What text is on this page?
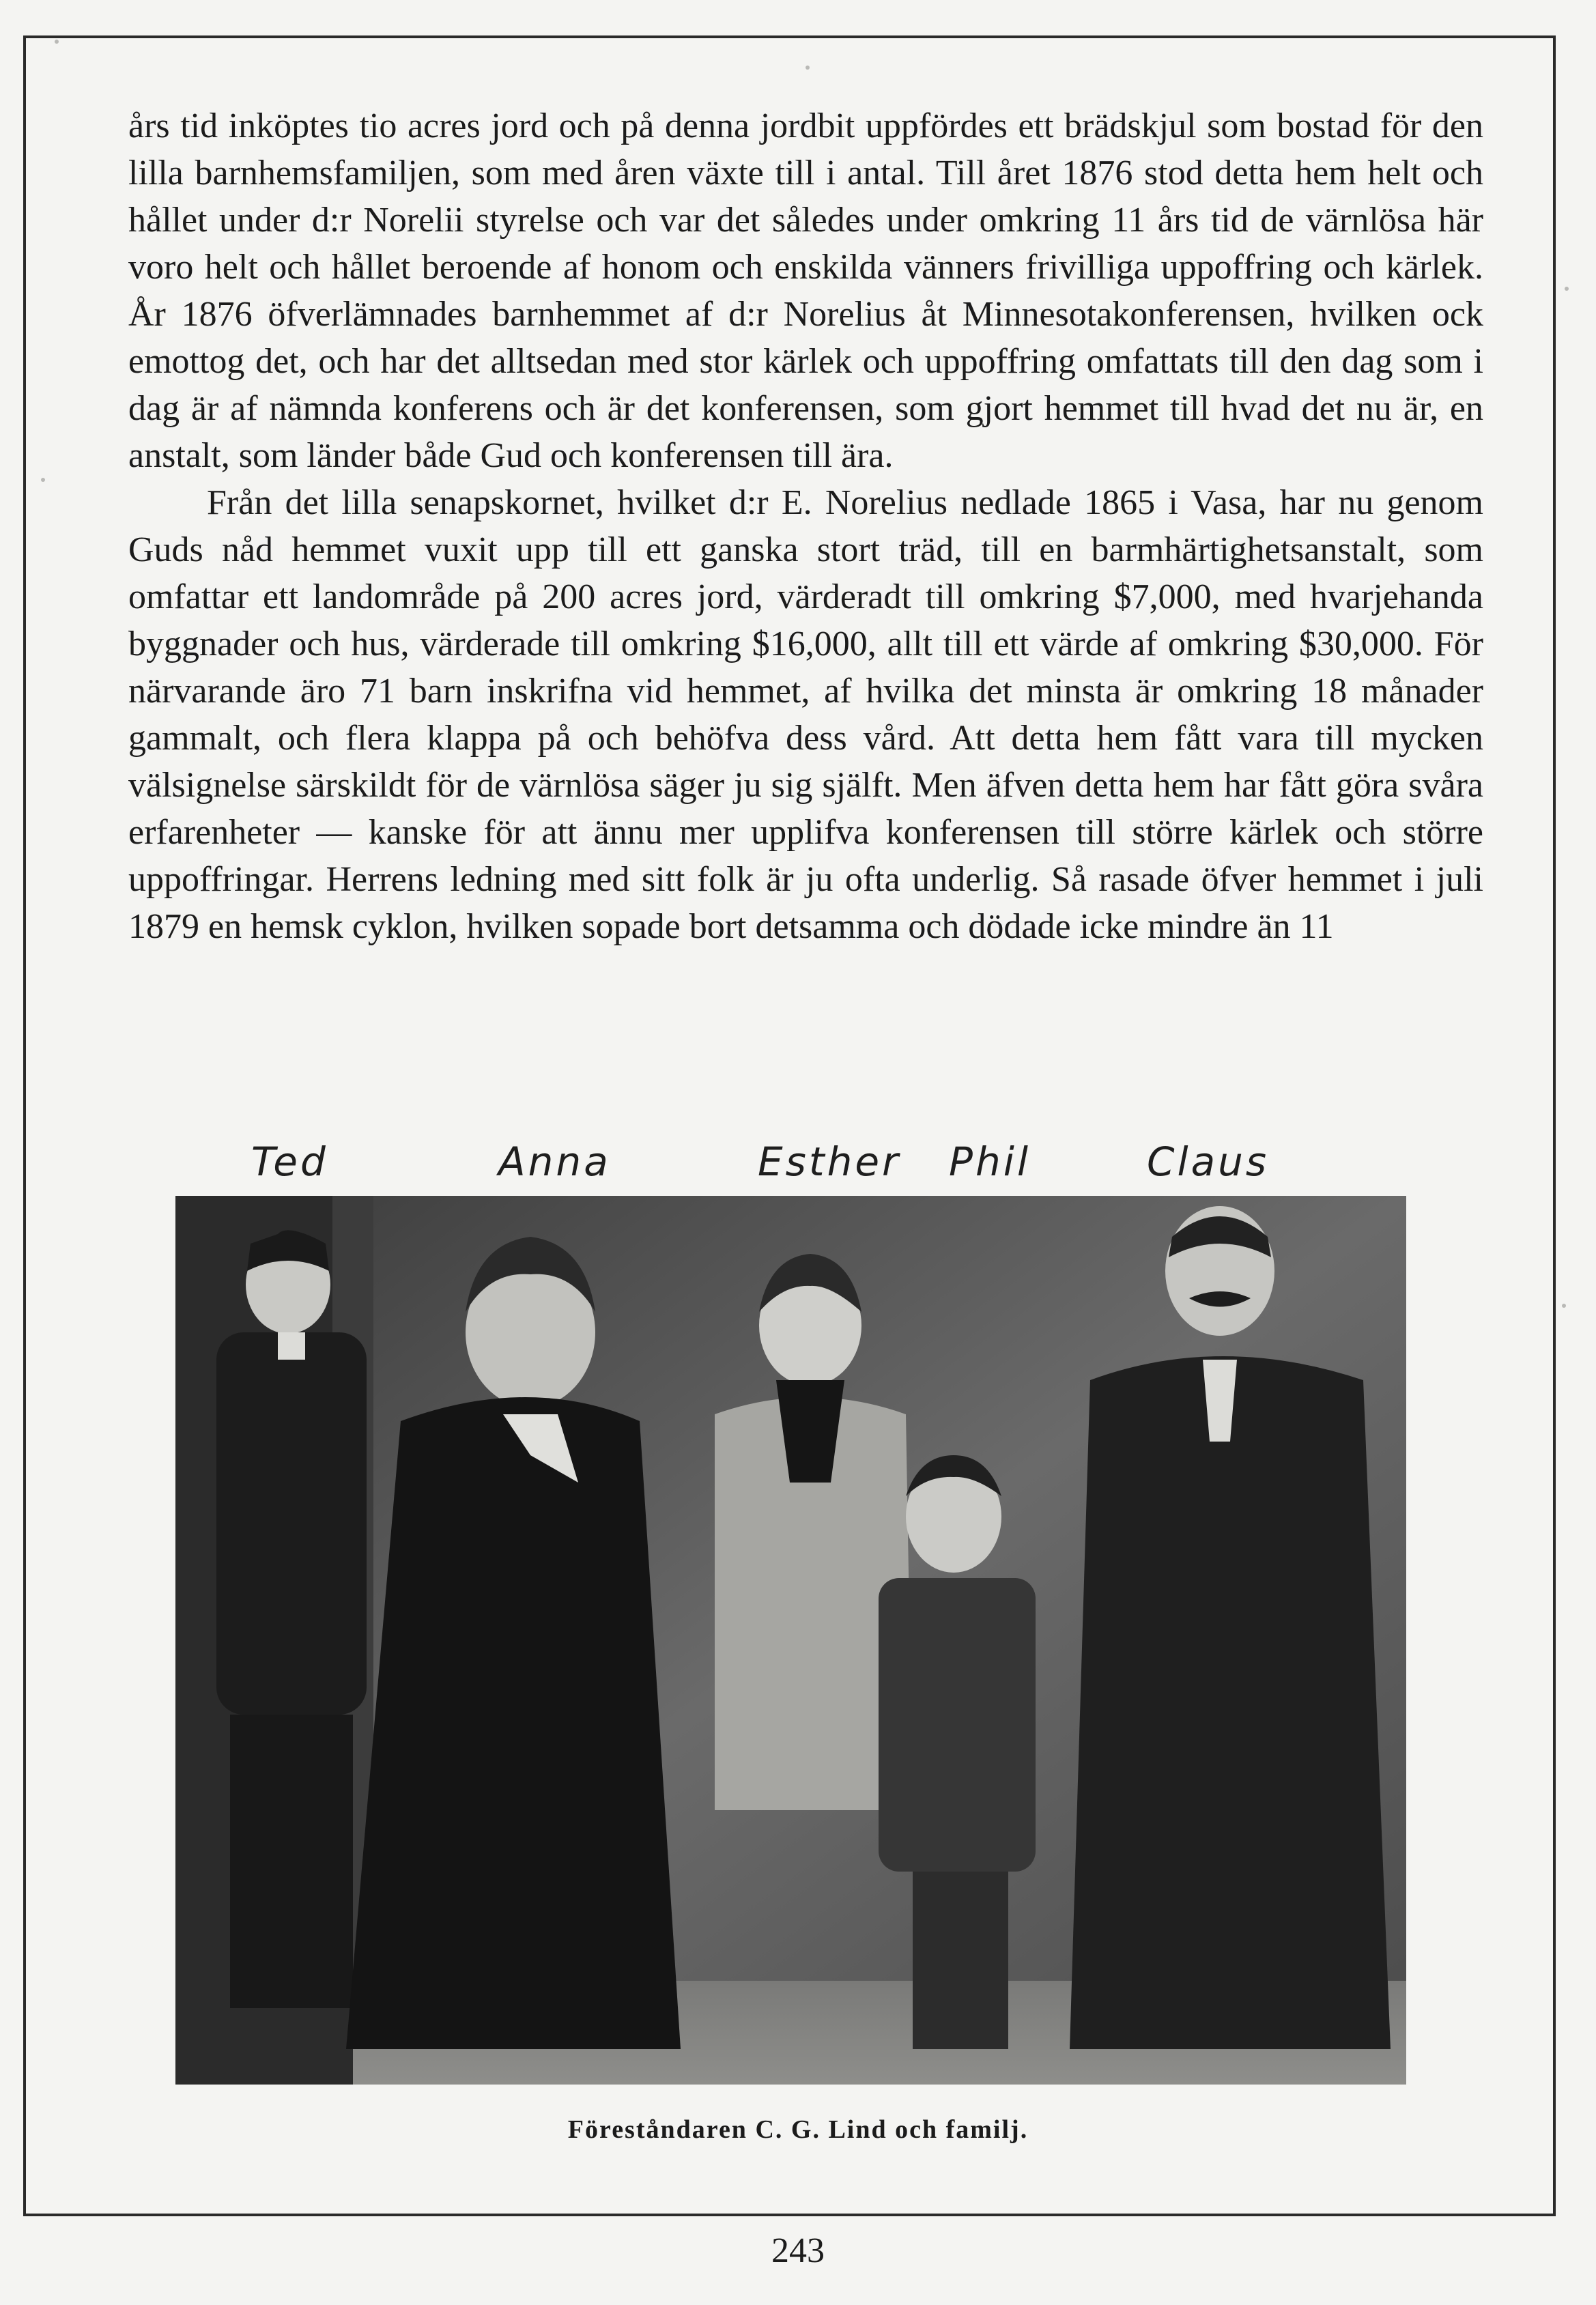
års tid inköptes tio acres jord och på denna jordbit uppfördes ett brädskjul som bostad för den lilla barnhemsfamiljen, som med åren växte till i antal. Till året 1876 stod detta hem helt och hållet under d:r Norelii styrelse och var det således under omkring 11 års tid de värnlösa här voro helt och hållet beroende af honom och enskilda vänners frivilliga uppoffring och kärlek. År 1876 öfverlämnades barnhemmet af d:r Norelius åt Minnesotakonferensen, hvilken ock emottog det, och har det alltsedan med stor kärlek och uppoffring omfattats till den dag som i dag är af nämnda konferens och är det konferensen, som gjort hemmet till hvad det nu är, en anstalt, som länder både Gud och konferensen till ära.

Från det lilla senapskornet, hvilket d:r E. Norelius nedlade 1865 i Vasa, har nu genom Guds nåd hemmet vuxit upp till ett ganska stort träd, till en barmhärtighetsanstalt, som omfattar ett landområde på 200 acres jord, värderadt till omkring $7,000, med hvarjehanda byggnader och hus, värderade till omkring $16,000, allt till ett värde af omkring $30,000. För närvarande äro 71 barn inskrifna vid hemmet, af hvilka det minsta är omkring 18 månader gammalt, och flera klappa på och behöfva dess vård. Att detta hem fått vara till mycken välsignelse särskildt för de värnlösa säger ju sig själft. Men äfven detta hem har fått göra svåra erfarenheter — kanske för att ännu mer upplifva konferensen till större kärlek och större uppoffringar. Herrens ledning med sitt folk är ju ofta underlig. Så rasade öfver hemmet i juli 1879 en hemsk cyklon, hvilken sopade bort detsamma och dödade icke mindre än 11

Ted	Anna	Esther Phil	Claus
Föreståndaren C. G. Lind och familj.
243
